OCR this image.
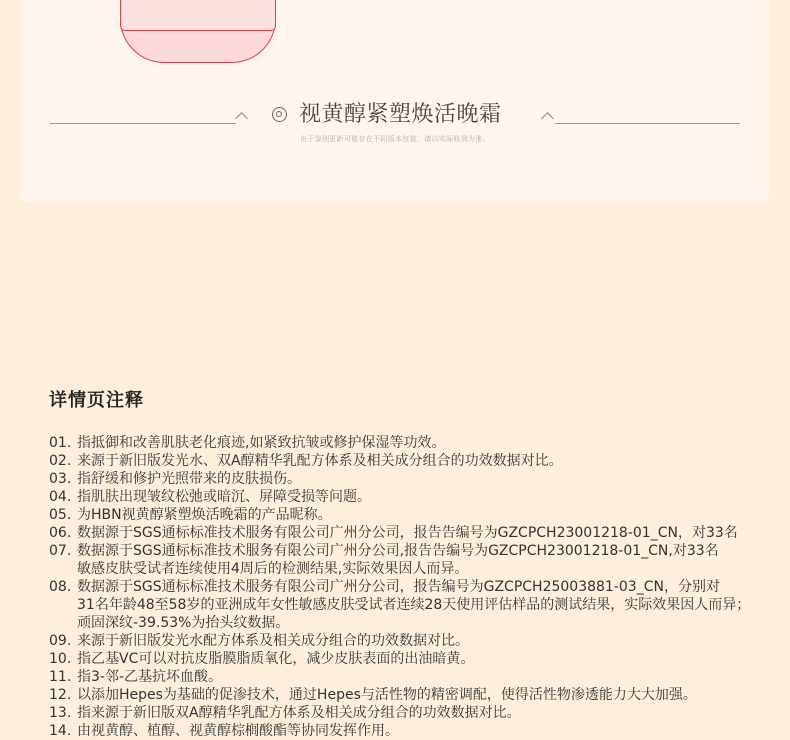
视黄醇紧塑焕活晚霜
由于鉴别更新可能存在不同版本包装，请以实际收到为准。
详情页注释
01. 指抵御和改善肌肤老化痕迹,如紧致抗皱或修护保湿等功效。
02. 来源于新旧版发光水、双A醇精华乳配方体系及相关成分组合的功效数据对比。
03. 指舒缓和修护光照带来的皮肤损伤。
04. 指肌肤出现皱纹松弛或暗沉、屏障受损等问题。
05. 为HBN视黄醇紧塑焕活晚霜的产品昵称。
06. 数据源于SGS通标标准技术服务有限公司广州分公司，报告告编号为GZCPCH23001218-01_CN，对33名
07. 数据源于SGS通标标准技术服务有限公司广州分公司,报告告编号为GZCPCH23001218-01_CN,对33名
敏感皮肤受试者连续使用4周后的检测结果,实际效果因人而异。
08. 数据源于SGS通标标准技术服务有限公司广州分公司，报告编号为GZCPCH25003881-03_CN，分别对
31名年龄48至58岁的亚洲成年女性敏感皮肤受试者连续28天使用评估样品的测试结果，实际效果因人而异；
顽固深纹-39.53%为抬头纹数据。
09. 来源于新旧版发光水配方体系及相关成分组合的功效数据对比。
10. 指乙基VC可以对抗皮脂膜脂质氧化，减少皮肤表面的出油暗黄。
11. 指3-邻-乙基抗坏血酸。
12. 以添加Hepes为基础的促渗技术，通过Hepes与活性物的精密调配，使得活性物渗透能力大大加强。
13. 指来源于新旧版双A醇精华乳配方体系及相关成分组合的功效数据对比。
14. 由视黄醇、植醇、视黄醇棕榈酸酯等协同发挥作用。
